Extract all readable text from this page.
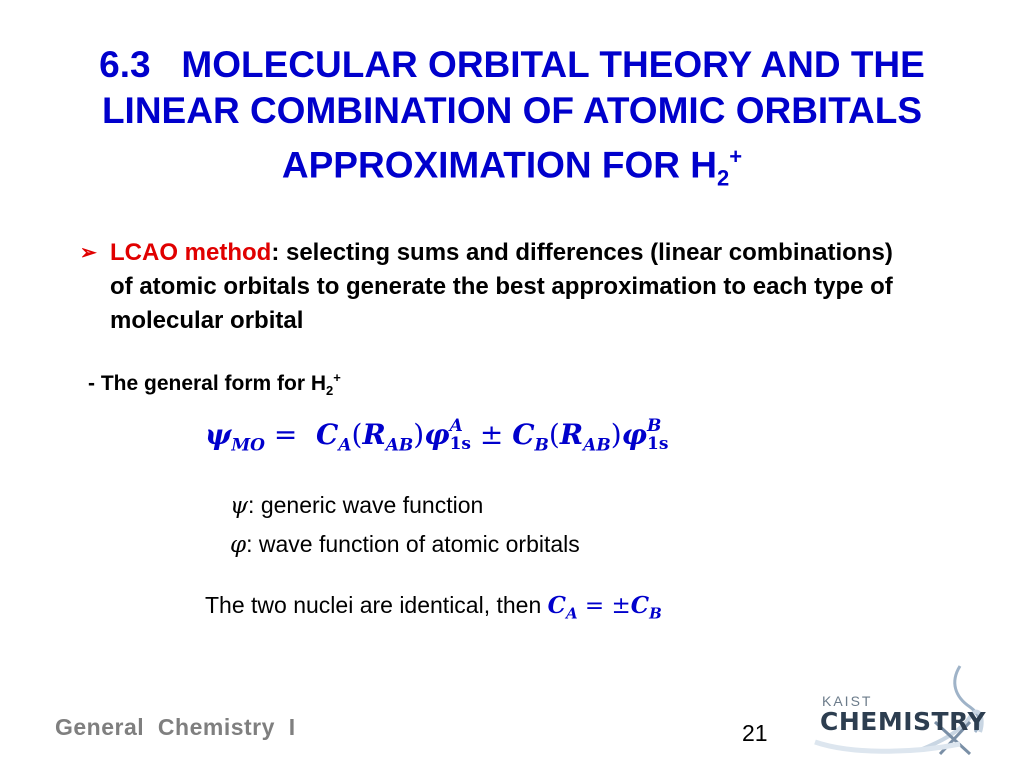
6.3   MOLECULAR ORBITAL THEORY AND THE
LINEAR COMBINATION OF ATOMIC ORBITALS
APPROXIMATION FOR $H_2^+$
➢ LCAO method: selecting sums and differences (linear combinations) of atomic orbitals to generate the best approximation to each type of molecular orbital
- The general form for $H_2^+$
$\psi_{MO} = C_A(R_{AB})\varphi$ A
$1s \pm C_B(R_{AB})\varphi$ B
1s
ψ: generic wave function
φ: wave function of atomic orbitals
The two nuclei are identical, then $C_A = \pm C_B$
General  Chemistry  I	21
KAIST
CHEMISTRY
